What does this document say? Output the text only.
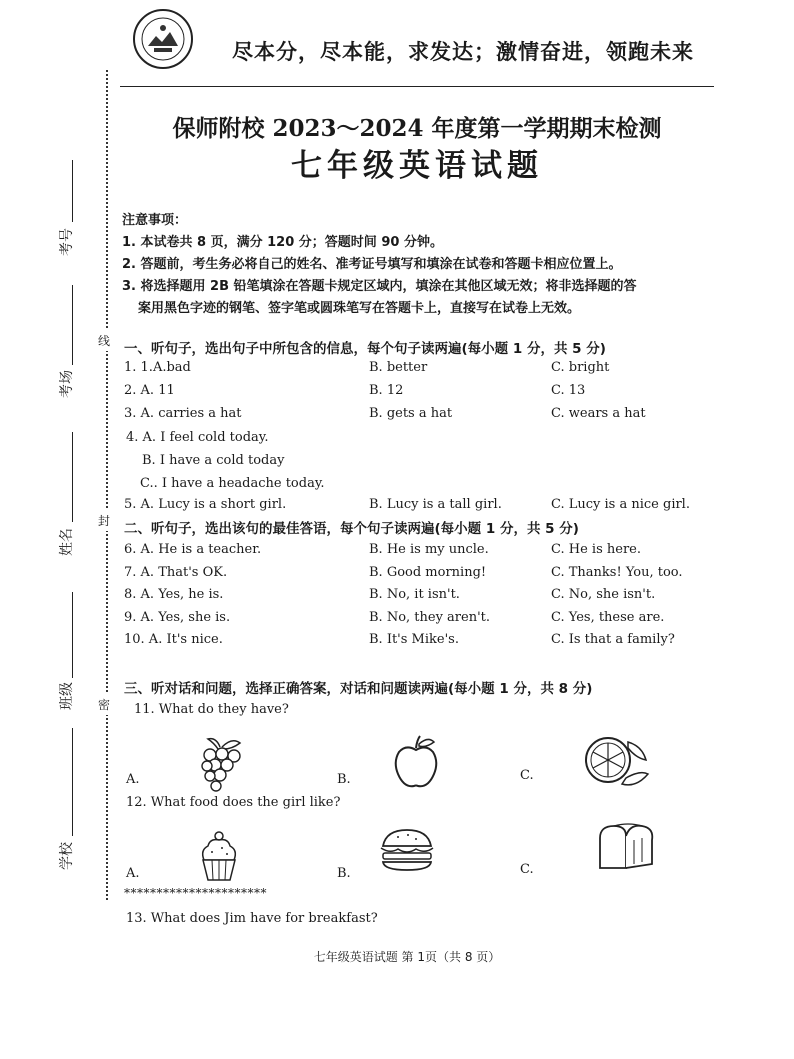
尽本分，尽本能，求发达；激情奋进，领跑未来
保师附校 2023～2024 年度第一学期期末检测
七年级英语试题
线
封
密
考号
考场
姓名
班级
学校
注意事项：
1. 本试卷共 8 页，满分 120 分；答题时间 90 分钟。
2. 答题前，考生务必将自己的姓名、准考证号填写和填涂在试卷和答题卡相应位置上。
3. 将选择题用 2B 铅笔填涂在答题卡规定区域内，填涂在其他区域无效；将非选择题的答
案用黑色字迹的钢笔、签字笔或圆珠笔写在答题卡上，直接写在试卷上无效。
一、听句子，选出句子中所包含的信息，每个句子读两遍(每小题 1 分，共 5 分)
1. 1.A.bad	B. better	C. bright
2. A. 11	B. 12	C. 13
3. A. carries a hat	B. gets a hat	C. wears a hat
4. A. I feel cold today.
B. I have a cold today
C.. I have a headache today.
5. A. Lucy is a short girl.	B. Lucy is a tall girl.	C. Lucy is a nice girl.
二、听句子，选出该句的最佳答语，每个句子读两遍(每小题 1 分，共 5 分)
6. A. He is a teacher.	B. He is my uncle.	C. He is here.
7. A. That's OK.	B. Good morning!	C. Thanks! You, too.
8. A. Yes, he is.	B. No, it isn't.	C. No, she isn't.
9. A. Yes, she is.	B. No, they aren't.	C. Yes, these are.
10. A. It's nice.	B. It's Mike's.	C. Is that a family?
三、听对话和问题，选择正确答案，对话和问题读两遍(每小题 1 分，共 8 分)
11. What do they have?
A.	B.	C.
12. What food does the girl like?
A.	B.	C.
**********************
13. What does Jim have for breakfast?
七年级英语试题 第 1页（共 8 页）
